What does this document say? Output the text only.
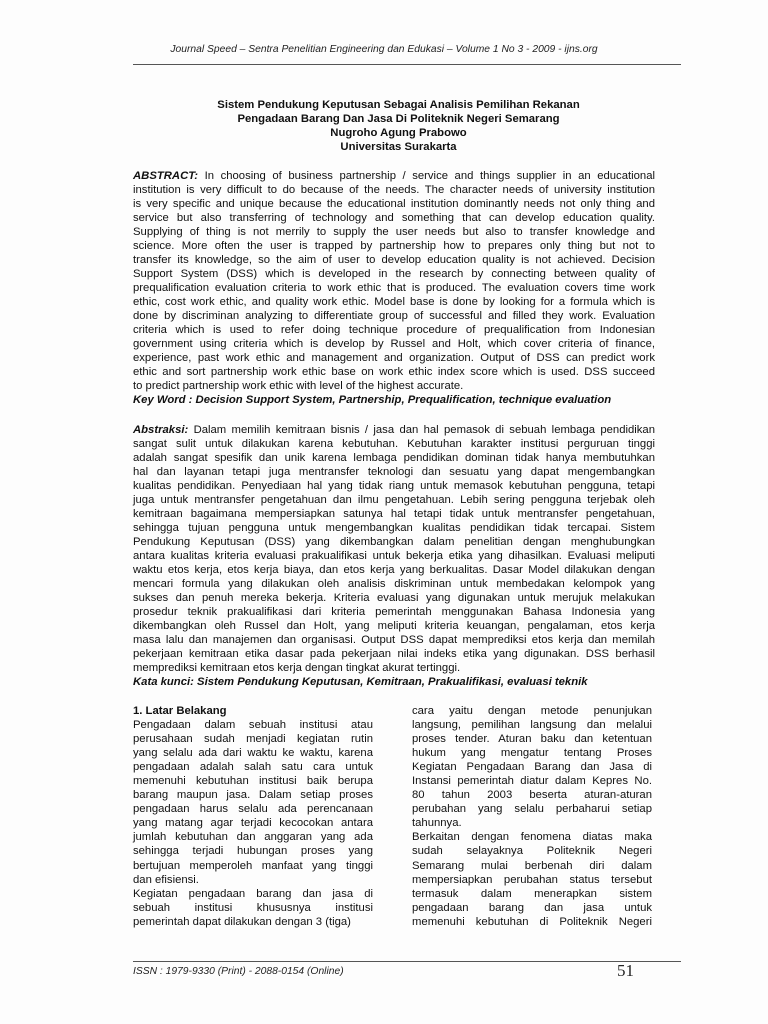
Journal Speed – Sentra Penelitian Engineering dan Edukasi – Volume 1 No 3 - 2009 - ijns.org
Sistem Pendukung Keputusan Sebagai Analisis Pemilihan Rekanan
Pengadaan Barang Dan Jasa Di Politeknik Negeri Semarang
Nugroho Agung Prabowo
Universitas Surakarta
ABSTRACT: In choosing of business partnership / service and things supplier in an educational
institution is very difficult to do because of the needs. The character needs of university institution
is very specific and unique because the educational institution dominantly needs not only thing and
service but also transferring of technology and something that can develop education quality.
Supplying of thing is not merrily to supply the user needs but also to transfer knowledge and
science. More often the user is trapped by partnership how to prepares only thing but not to
transfer its knowledge, so the aim of user to develop education quality is not achieved. Decision
Support System (DSS) which is developed in the research by connecting between quality of
prequalification evaluation criteria to work ethic that is produced. The evaluation covers time work
ethic, cost work ethic, and quality work ethic. Model base is done by looking for a formula which is
done by discriminan analyzing to differentiate group of successful and filled they work. Evaluation
criteria which is used to refer doing technique procedure of prequalification from Indonesian
government using criteria which is develop by Russel and Holt, which cover criteria of finance,
experience, past work ethic and management and organization. Output of DSS can predict work
ethic and sort partnership work ethic base on work ethic index score which is used. DSS succeed
to predict partnership work ethic with level of the highest accurate.
Key Word : Decision Support System, Partnership, Prequalification, technique evaluation
Abstraksi: Dalam memilih kemitraan bisnis / jasa dan hal pemasok di sebuah lembaga pendidikan
sangat sulit untuk dilakukan karena kebutuhan. Kebutuhan karakter institusi perguruan tinggi
adalah sangat spesifik dan unik karena lembaga pendidikan dominan tidak hanya membutuhkan
hal dan layanan tetapi juga mentransfer teknologi dan sesuatu yang dapat mengembangkan
kualitas pendidikan. Penyediaan hal yang tidak riang untuk memasok kebutuhan pengguna, tetapi
juga untuk mentransfer pengetahuan dan ilmu pengetahuan. Lebih sering pengguna terjebak oleh
kemitraan bagaimana mempersiapkan satunya hal tetapi tidak untuk mentransfer pengetahuan,
sehingga tujuan pengguna untuk mengembangkan kualitas pendidikan tidak tercapai. Sistem
Pendukung Keputusan (DSS) yang dikembangkan dalam penelitian dengan menghubungkan
antara kualitas kriteria evaluasi prakualifikasi untuk bekerja etika yang dihasilkan. Evaluasi meliputi
waktu etos kerja, etos kerja biaya, dan etos kerja yang berkualitas. Dasar Model dilakukan dengan
mencari formula yang dilakukan oleh analisis diskriminan untuk membedakan kelompok yang
sukses dan penuh mereka bekerja. Kriteria evaluasi yang digunakan untuk merujuk melakukan
prosedur teknik prakualifikasi dari kriteria pemerintah menggunakan Bahasa Indonesia yang
dikembangkan oleh Russel dan Holt, yang meliputi kriteria keuangan, pengalaman, etos kerja
masa lalu dan manajemen dan organisasi. Output DSS dapat memprediksi etos kerja dan memilah
pekerjaan kemitraan etika dasar pada pekerjaan nilai indeks etika yang digunakan. DSS berhasil
memprediksi kemitraan etos kerja dengan tingkat akurat tertinggi.
Kata kunci: Sistem Pendukung Keputusan, Kemitraan, Prakualifikasi, evaluasi teknik
1. Latar Belakang
Pengadaan dalam sebuah institusi atau
perusahaan sudah menjadi kegiatan rutin
yang selalu ada dari waktu ke waktu, karena
pengadaan adalah salah satu cara untuk
memenuhi kebutuhan institusi baik berupa
barang maupun jasa. Dalam setiap proses
pengadaan harus selalu ada perencanaan
yang matang agar terjadi kecocokan antara
jumlah kebutuhan dan anggaran yang ada
sehingga terjadi hubungan proses yang
bertujuan memperoleh manfaat yang tinggi
dan efisiensi.
Kegiatan pengadaan barang dan jasa di
sebuah institusi khususnya institusi
pemerintah dapat dilakukan dengan 3 (tiga)
cara yaitu dengan metode penunjukan
langsung, pemilihan langsung dan melalui
proses tender. Aturan baku dan ketentuan
hukum yang mengatur tentang Proses
Kegiatan Pengadaan Barang dan Jasa di
Instansi pemerintah diatur dalam Kepres No.
80 tahun 2003 beserta aturan-aturan
perubahan yang selalu perbaharui setiap
tahunnya.
Berkaitan dengan fenomena diatas maka
sudah selayaknya Politeknik Negeri
Semarang mulai berbenah diri dalam
mempersiapkan perubahan status tersebut
termasuk dalam menerapkan sistem
pengadaan barang dan jasa untuk
memenuhi kebutuhan di Politeknik Negeri
ISSN : 1979-9330 (Print) - 2088-0154 (Online)	51
